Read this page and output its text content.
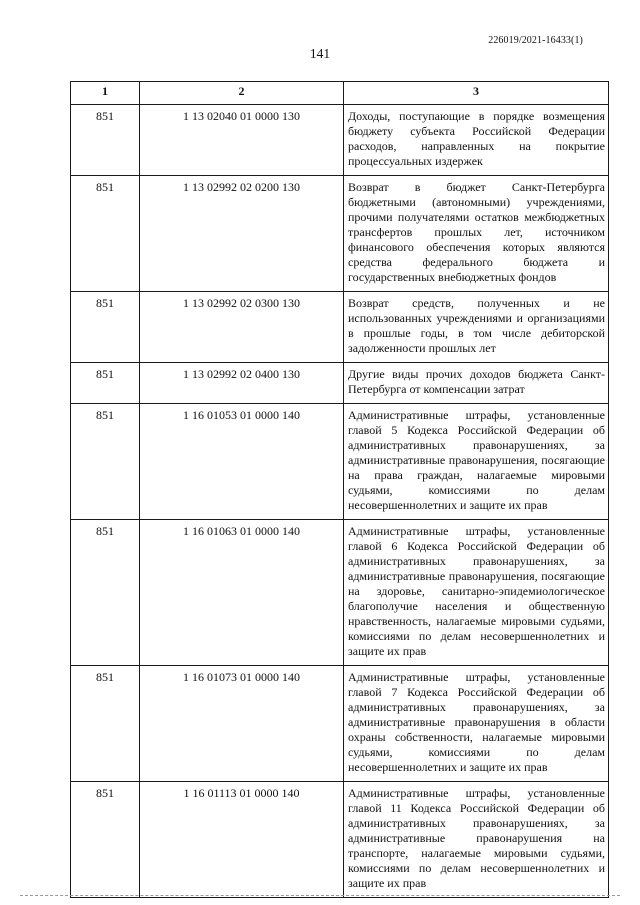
226019/2021-16433(1)
141
1	2	3
851	1 13 02040 01 0000 130	Доходы, поступающие в порядке возмещения бюджету субъекта Российской Федерации расходов, направленных на покрытие процессуальных издержек
851	1 13 02992 02 0200 130	Возврат в бюджет Санкт-Петербурга бюджетными (автономными) учреждениями, прочими получателями остатков межбюджетных трансфертов прошлых лет, источником финансового обеспечения которых являются средства федерального бюджета и государственных внебюджетных фондов
851	1 13 02992 02 0300 130	Возврат средств, полученных и не использованных учреждениями и организациями в прошлые годы, в том числе дебиторской задолженности прошлых лет
851	1 13 02992 02 0400 130	Другие виды прочих доходов бюджета Санкт-Петербурга от компенсации затрат
851	1 16 01053 01 0000 140	Административные штрафы, установленные главой 5 Кодекса Российской Федерации об административных правонарушениях, за административные правонарушения, посягающие на права граждан, налагаемые мировыми судьями, комиссиями по делам несовершеннолетних и защите их прав
851	1 16 01063 01 0000 140	Административные штрафы, установленные главой 6 Кодекса Российской Федерации об административных правонарушениях, за административные правонарушения, посягающие на здоровье, санитарно-эпидемиологическое благополучие населения и общественную нравственность, налагаемые мировыми судьями, комиссиями по делам несовершеннолетних и защите их прав
851	1 16 01073 01 0000 140	Административные штрафы, установленные главой 7 Кодекса Российской Федерации об административных правонарушениях, за административные правонарушения в области охраны собственности, налагаемые мировыми судьями, комиссиями по делам несовершеннолетних и защите их прав
851	1 16 01113 01 0000 140	Административные штрафы, установленные главой 11 Кодекса Российской Федерации об административных правонарушениях, за административные правонарушения на транспорте, налагаемые мировыми судьями, комиссиями по делам несовершеннолетних и защите их прав
